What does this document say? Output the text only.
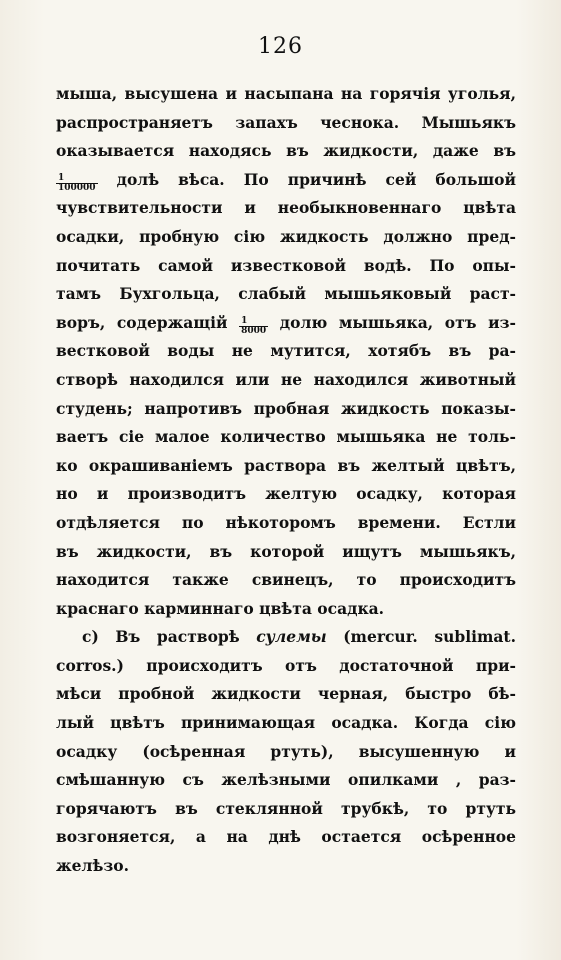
126
мыша, высушена и насыпана на горячія уголья,
распространяетъ запахъ чеснока. Мышьякъ
оказывается находясь въ жидкости, даже въ
$\frac{1}{100000}$ долѣ вѣса. По причинѣ сей большой
чувствительности и необыкновеннаго цвѣта
осадки, пробную сію жидкость должно пред-
почитать самой известковой водѣ. По опы-
тамъ Бухгольца, слабый мышьяковый раст-
воръ, содержащій $\frac{1}{8000}$ долю мышьяка, отъ из-
вестковой воды не мутится, хотябъ въ ра-
створѣ находился или не находился животный
студень; напротивъ пробная жидкость показы-
ваетъ сіе малое количество мышьяка не толь-
ко окрашиваніемъ раствора въ желтый цвѣтъ,
но и производитъ желтую осадку, которая
отдѣляется по нѣкоторомъ времени. Естли
въ жидкости, въ которой ищутъ мышьякъ,
находится также свинецъ, то происходитъ
краснаго карминнаго цвѣта осадка.
c) Въ растворѣ сулемы (mercur. sublimat.
corros.) происходитъ отъ достаточной при-
мѣси пробной жидкости черная, быстро бѣ-
лый цвѣтъ принимающая осадка. Когда сію
осадку (осѣренная ртуть), высушенную и
смѣшанную съ желѣзными опилками , раз-
горячаютъ въ стеклянной трубкѣ, то ртуть
возгоняется, а на днѣ остается осѣренное
желѣзо.
